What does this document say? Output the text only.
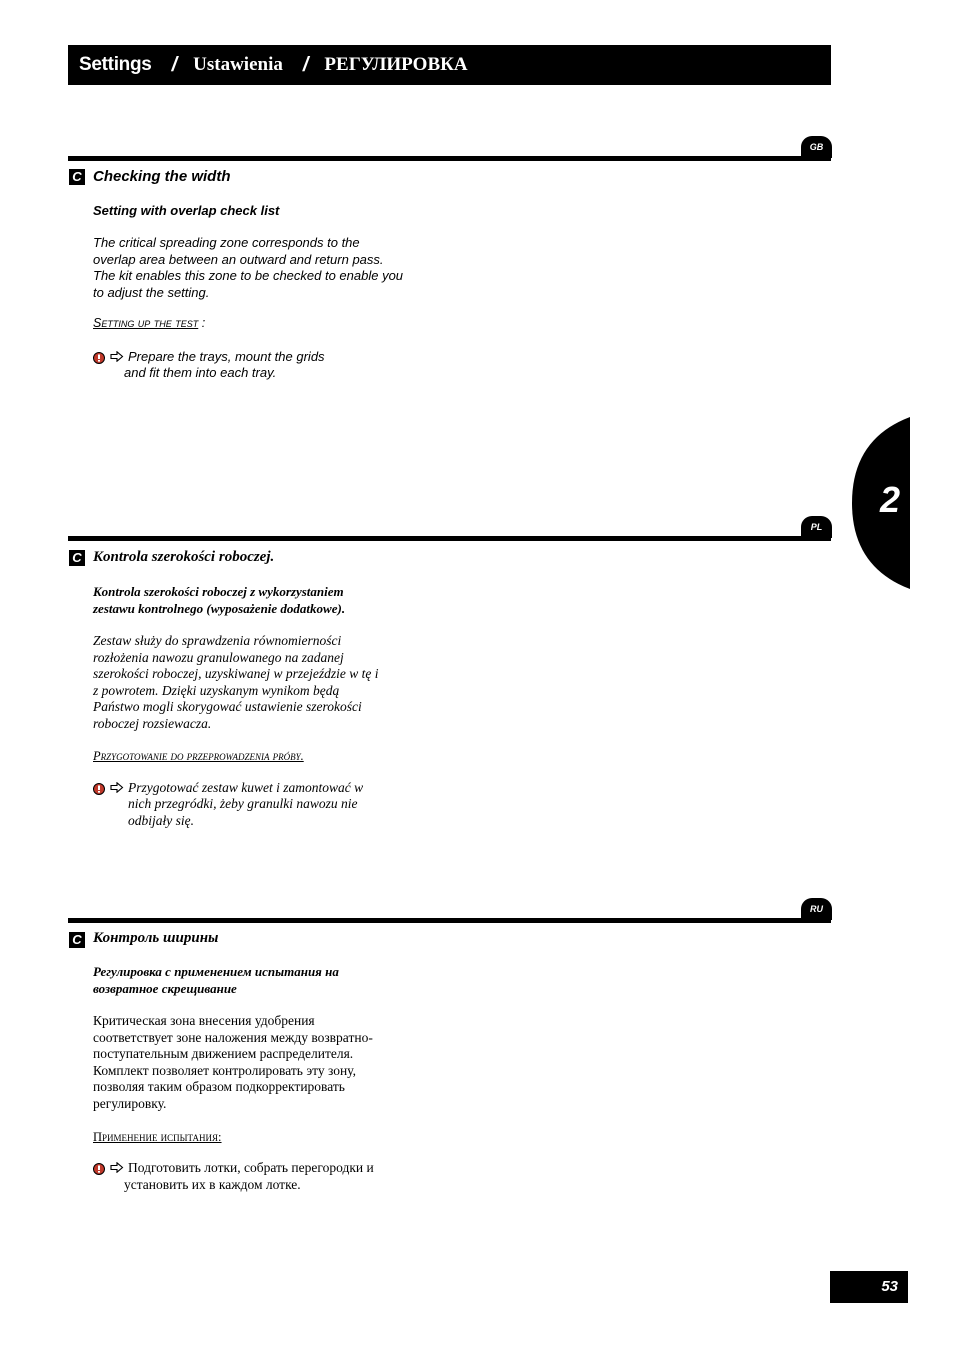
Settings / Ustawienia / РЕГУЛИРОВКА
2
GB
C Checking the width
Setting with overlap check list
The critical spreading zone corresponds to the
overlap area between an outward and return pass.
The kit enables this zone to be checked to enable you
to adjust the setting.
Setting up the test :
Prepare the trays, mount the grids
and fit them into each tray.
PL
C Kontrola szerokości roboczej.
Kontrola szerokości roboczej z wykorzystaniem
zestawu kontrolnego (wyposażenie dodatkowe).
Zestaw służy do sprawdzenia równomierności
rozłożenia nawozu granulowanego na zadanej
szerokości roboczej, uzyskiwanej w przejeździe w tę i
z powrotem. Dzięki uzyskanym wynikom będą
Państwo mogli skorygować ustawienie szerokości
roboczej rozsiewacza.
Przygotowanie do przeprowadzenia próby.
Przygotować zestaw kuwet i zamontować w
nich przegródki, żeby granulki nawozu nie
odbijały się.
RU
C Контроль ширины
Регулировка с применением испытания на
возвратное скрещивание
Критическая зона внесения удобрения
соответствует зоне наложения между возвратно-
поступательным движением распределителя.
Комплект позволяет контролировать эту зону,
позволяя таким образом подкорректировать
регулировку.
Применение испытания:
Подготовить лотки, собрать перегородки и
установить их в каждом лотке.
53
